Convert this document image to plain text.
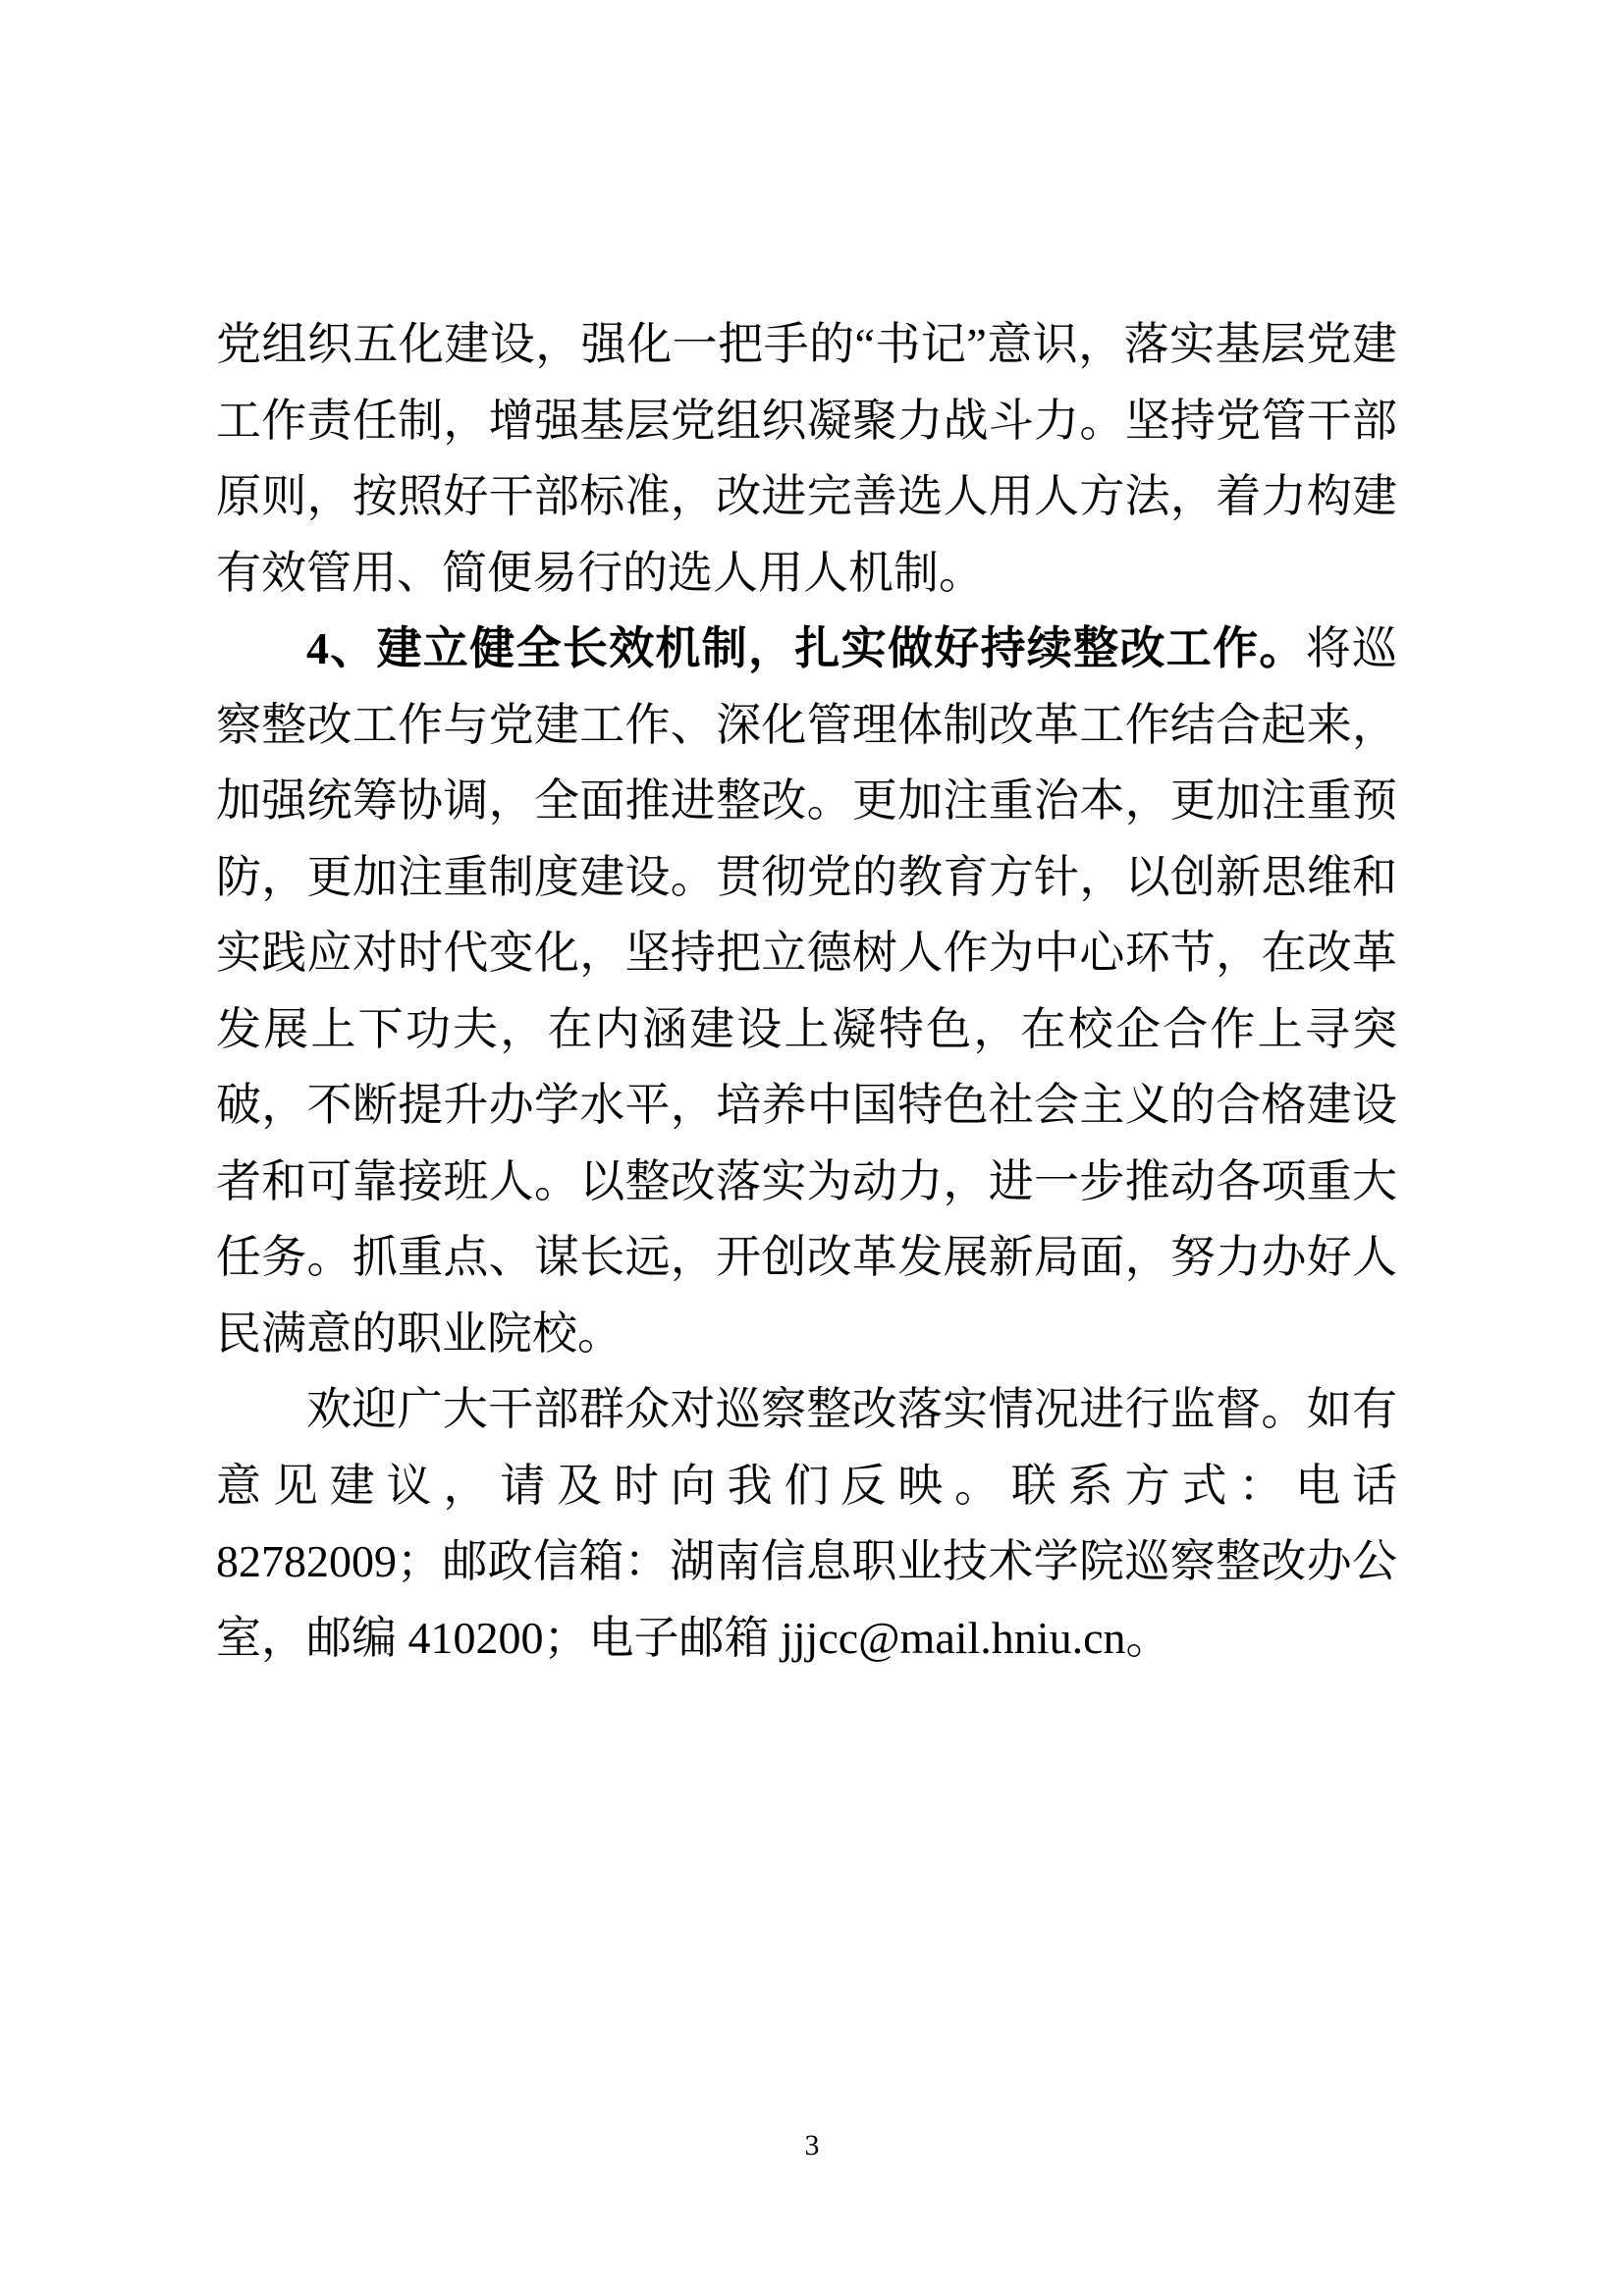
党组织五化建设，强化一把手的“书记”意识，落实基层党建工作责任制，增强基层党组织凝聚力战斗力。坚持党管干部原则，按照好干部标准，改进完善选人用人方法，着力构建有效管用、简便易行的选人用人机制。

4、建立健全长效机制，扎实做好持续整改工作。将巡察整改工作与党建工作、深化管理体制改革工作结合起来，加强统筹协调，全面推进整改。更加注重治本，更加注重预防，更加注重制度建设。贯彻党的教育方针，以创新思维和实践应对时代变化，坚持把立德树人作为中心环节，在改革发展上下功夫，在内涵建设上凝特色，在校企合作上寻突破，不断提升办学水平，培养中国特色社会主义的合格建设者和可靠接班人。以整改落实为动力，进一步推动各项重大任务。抓重点、谋长远，开创改革发展新局面，努力办好人民满意的职业院校。

欢迎广大干部群众对巡察整改落实情况进行监督。如有意见建议，请及时向我们反映。联系方式：电话 82782009；邮政信箱：湖南信息职业技术学院巡察整改办公室，邮编 410200；电子邮箱 jjjcc@mail.hniu.cn。

3
